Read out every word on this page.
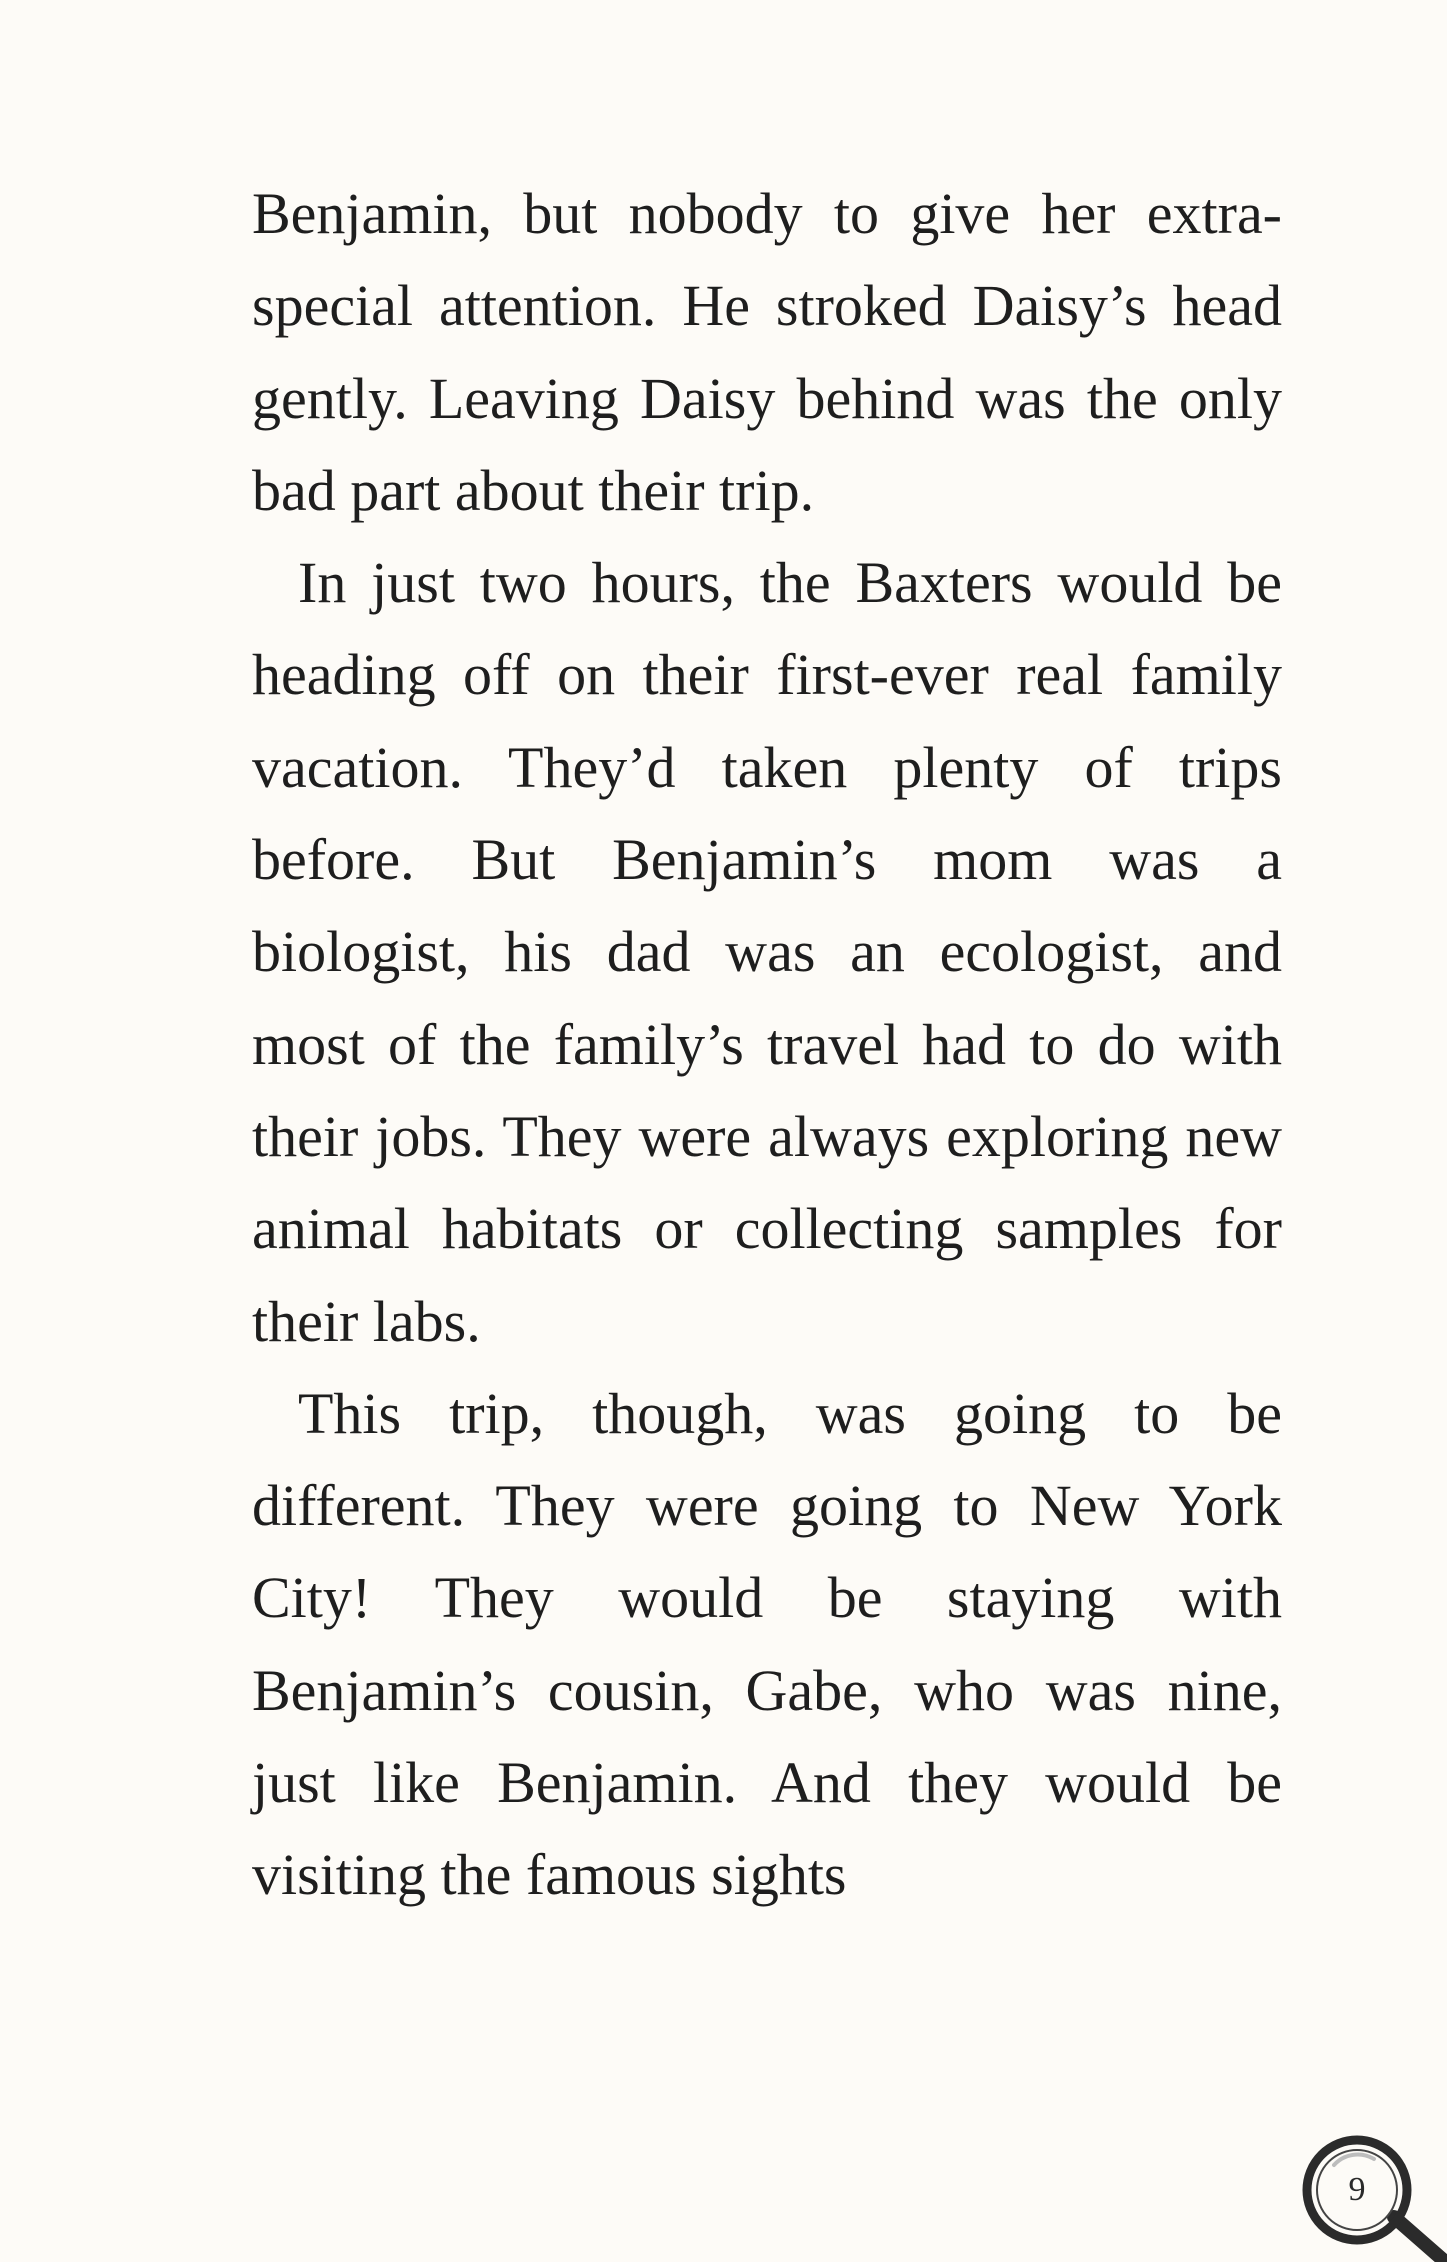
Benjamin, but nobody to give her extra-special attention. He stroked Daisy’s head gently. Leaving Daisy behind was the only bad part about their trip.

In just two hours, the Baxters would be heading off on their first-ever real family vacation. They’d taken plenty of trips before. But Benjamin’s mom was a biologist, his dad was an ecologist, and most of the family’s travel had to do with their jobs. They were always exploring new animal habitats or collecting samples for their labs.

This trip, though, was going to be different. They were going to New York City! They would be staying with Benjamin’s cousin, Gabe, who was nine, just like Benjamin. And they would be visiting the famous sights

9
